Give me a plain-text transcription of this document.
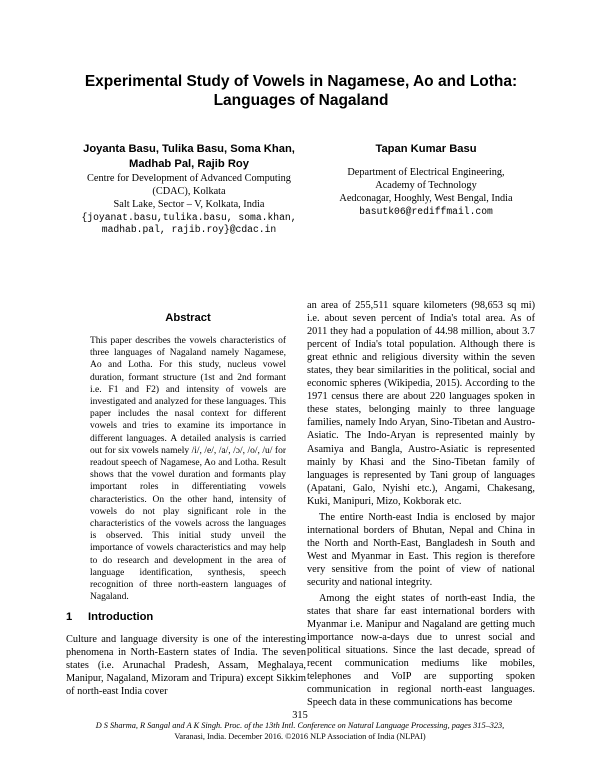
Experimental Study of Vowels in Nagamese, Ao and Lotha: Languages of Nagaland
Joyanta Basu, Tulika Basu, Soma Khan,
Madhab Pal, Rajib Roy
Centre for Development of Advanced Computing
(CDAC), Kolkata
Salt Lake, Sector – V, Kolkata, India
{joyanat.basu,tulika.basu, soma.khan,
madhab.pal, rajib.roy}@cdac.in
Tapan Kumar Basu
Department of Electrical Engineering,
Academy of Technology
Aedconagar, Hooghly, West Bengal, India
basutk06@rediffmail.com
Abstract
This paper describes the vowels characteristics of three languages of Nagaland namely Nagamese, Ao and Lotha. For this study, nucleus vowel duration, formant structure (1st and 2nd formant i.e. F1 and F2) and intensity of vowels are investigated and analyzed for these languages. This paper includes the nasal context for different vowels and tries to examine its importance in different languages. A detailed analysis is carried out for six vowels namely /i/, /e/, /a/, /ɔ/, /o/, /u/ for readout speech of Nagamese, Ao and Lotha. Result shows that the vowel duration and formants play important roles in differentiating vowels characteristics. On the other hand, intensity of vowels do not play significant role in the characteristics of the vowels across the languages is observed. This initial study unveil the importance of vowels characteristics and may help to do research and development in the area of language identification, synthesis, speech recognition of three north-eastern languages of Nagaland.
1 Introduction
Culture and language diversity is one of the interesting phenomena in North-Eastern states of India. The seven states (i.e. Arunachal Pradesh, Assam, Meghalaya, Manipur, Nagaland, Mizoram and Tripura) except Sikkim of north-east India cover

an area of 255,511 square kilometers (98,653 sq mi) i.e. about seven percent of India's total area. As of 2011 they had a population of 44.98 million, about 3.7 percent of India's total population. Although there is great ethnic and religious diversity within the seven states, they bear similarities in the political, social and economic spheres (Wikipedia, 2015). According to the 1971 census there are about 220 languages spoken in these states, belonging mainly to three language families, namely Indo Aryan, Sino-Tibetan and Austro-Asiatic. The Indo-Aryan is represented mainly by Asamiya and Bangla, Austro-Asiatic is represented mainly by Khasi and the Sino-Tibetan family of languages is represented by Tani group of languages (Apatani, Galo, Nyishi etc.), Angami, Chakesang, Kuki, Manipuri, Mizo, Kokborak etc.

The entire North-east India is enclosed by major international borders of Bhutan, Nepal and China in the North and North-East, Bangladesh in South and West and Myanmar in East. This region is therefore very sensitive from the point of view of national security and national integrity.

Among the eight states of north-east India, the states that share far east international borders with Myanmar i.e. Manipur and Nagaland are getting much importance now-a-days due to unrest social and political situations. Since the last decade, spread of recent communication mediums like mobiles, telephones and VoIP are supporting spoken communication in regional north-east languages. Speech data in these communications has become

315
D S Sharma, R Sangal and A K Singh. Proc. of the 13th Intl. Conference on Natural Language Processing, pages 315–323,
Varanasi, India. December 2016. ©2016 NLP Association of India (NLPAI)
